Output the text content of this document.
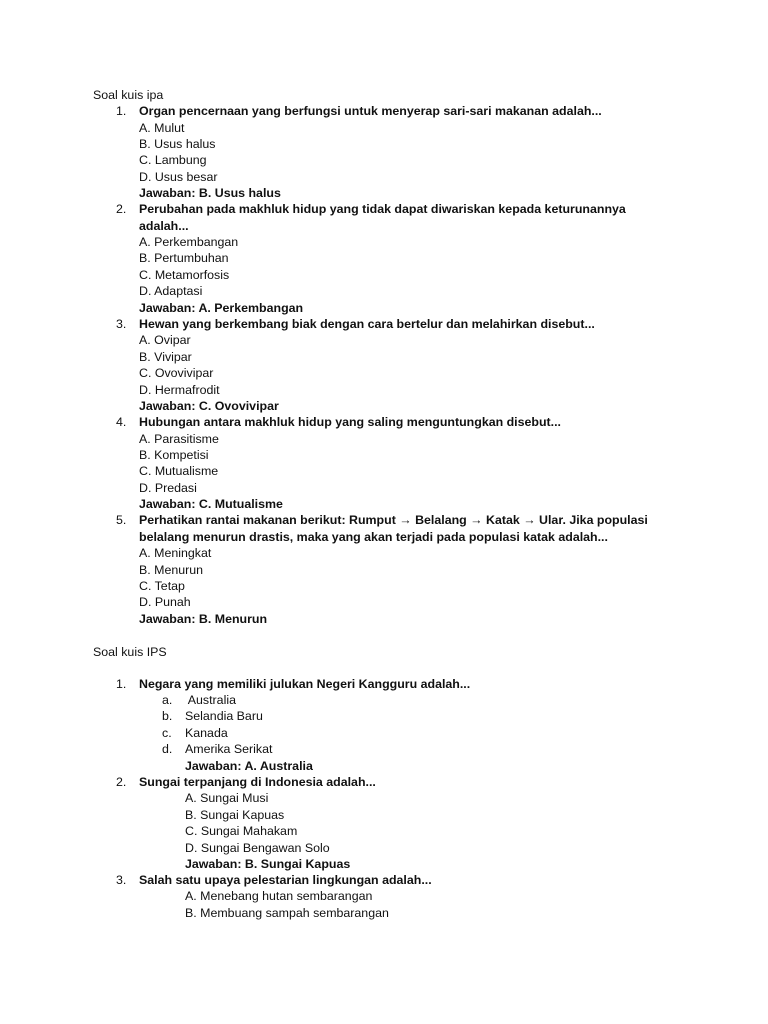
Soal kuis ipa
1. Organ pencernaan yang berfungsi untuk menyerap sari-sari makanan adalah...
A. Mulut
B. Usus halus
C. Lambung
D. Usus besar
Jawaban: B. Usus halus
2. Perubahan pada makhluk hidup yang tidak dapat diwariskan kepada keturunannya
adalah...
A. Perkembangan
B. Pertumbuhan
C. Metamorfosis
D. Adaptasi
Jawaban: A. Perkembangan
3. Hewan yang berkembang biak dengan cara bertelur dan melahirkan disebut...
A. Ovipar
B. Vivipar
C. Ovovivipar
D. Hermafrodit
Jawaban: C. Ovovivipar
4. Hubungan antara makhluk hidup yang saling menguntungkan disebut...
A. Parasitisme
B. Kompetisi
C. Mutualisme
D. Predasi
Jawaban: C. Mutualisme
5. Perhatikan rantai makanan berikut: Rumput → Belalang → Katak → Ular. Jika populasi
belalang menurun drastis, maka yang akan terjadi pada populasi katak adalah...
A. Meningkat
B. Menurun
C. Tetap
D. Punah
Jawaban: B. Menurun
Soal kuis IPS
1. Negara yang memiliki julukan Negeri Kangguru adalah...
a. Australia
b. Selandia Baru
c. Kanada
d. Amerika Serikat
Jawaban: A. Australia
2. Sungai terpanjang di Indonesia adalah...
A. Sungai Musi
B. Sungai Kapuas
C. Sungai Mahakam
D. Sungai Bengawan Solo
Jawaban: B. Sungai Kapuas
3. Salah satu upaya pelestarian lingkungan adalah...
A. Menebang hutan sembarangan
B. Membuang sampah sembarangan
